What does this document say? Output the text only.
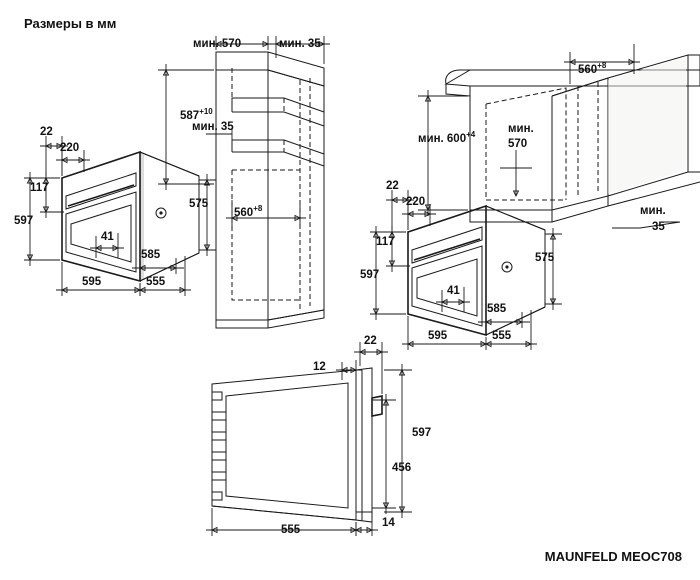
Размеры в мм
MAUNFELD MEOC708
22
220
117
597
41
585
595	555
575
мин. 570	мин. 35
$587^{+10}$
мин. 35
$560^{+8}$
22
220
117
597
41
585
595	555
575
$560^{+8}$
мин. $600^{+4}$	мин.
570
мин.
35
22
12
597
456
14
555
